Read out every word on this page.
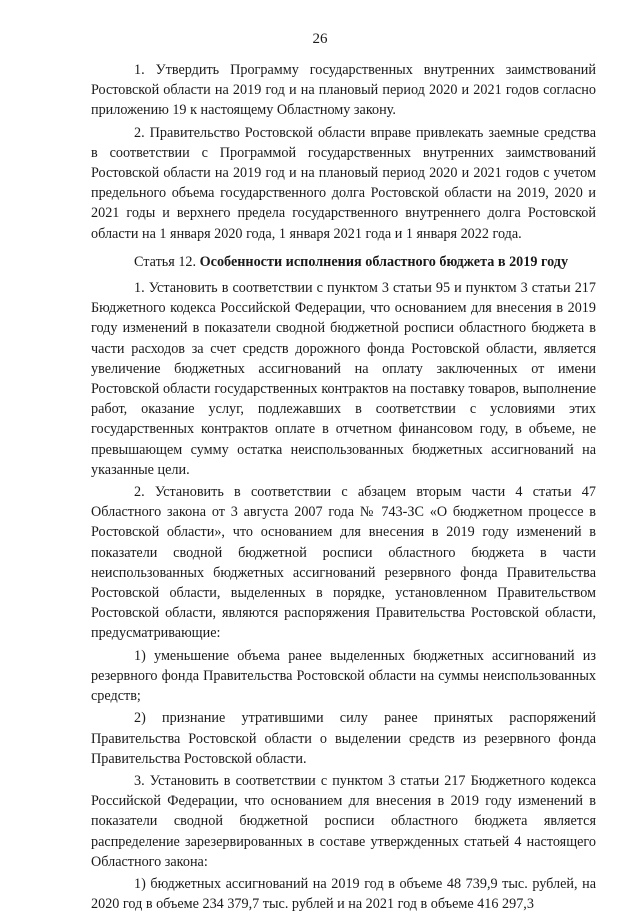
26

1. Утвердить Программу государственных внутренних заимствований Ростовской области на 2019 год и на плановый период 2020 и 2021 годов согласно приложению 19 к настоящему Областному закону.

2. Правительство Ростовской области вправе привлекать заемные средства в соответствии с Программой государственных внутренних заимствований Ростовской области на 2019 год и на плановый период 2020 и 2021 годов с учетом предельного объема государственного долга Ростовской области на 2019, 2020 и 2021 годы и верхнего предела государственного внутреннего долга Ростовской области на 1 января 2020 года, 1 января 2021 года и 1 января 2022 года.

Статья 12. Особенности исполнения областного бюджета в 2019 году

1. Установить в соответствии с пунктом 3 статьи 95 и пунктом 3 статьи 217 Бюджетного кодекса Российской Федерации, что основанием для внесения в 2019 году изменений в показатели сводной бюджетной росписи областного бюджета в части расходов за счет средств дорожного фонда Ростовской области, является увеличение бюджетных ассигнований на оплату заключенных от имени Ростовской области государственных контрактов на поставку товаров, выполнение работ, оказание услуг, подлежавших в соответствии с условиями этих государственных контрактов оплате в отчетном финансовом году, в объеме, не превышающем сумму остатка неиспользованных бюджетных ассигнований на указанные цели.

2. Установить в соответствии с абзацем вторым части 4 статьи 47 Областного закона от 3 августа 2007 года № 743-ЗС «О бюджетном процессе в Ростовской области», что основанием для внесения в 2019 году изменений в показатели сводной бюджетной росписи областного бюджета в части неиспользованных бюджетных ассигнований резервного фонда Правительства Ростовской области, выделенных в порядке, установленном Правительством Ростовской области, являются распоряжения Правительства Ростовской области, предусматривающие:

1) уменьшение объема ранее выделенных бюджетных ассигнований из резервного фонда Правительства Ростовской области на суммы неиспользованных средств;

2) признание утратившими силу ранее принятых распоряжений Правительства Ростовской области о выделении средств из резервного фонда Правительства Ростовской области.

3. Установить в соответствии с пунктом 3 статьи 217 Бюджетного кодекса Российской Федерации, что основанием для внесения в 2019 году изменений в показатели сводной бюджетной росписи областного бюджета является распределение зарезервированных в составе утвержденных статьей 4 настоящего Областного закона:

1) бюджетных ассигнований на 2019 год в объеме 48 739,9 тыс. рублей, на 2020 год в объеме 234 379,7 тыс. рублей и на 2021 год в объеме 416 297,3
